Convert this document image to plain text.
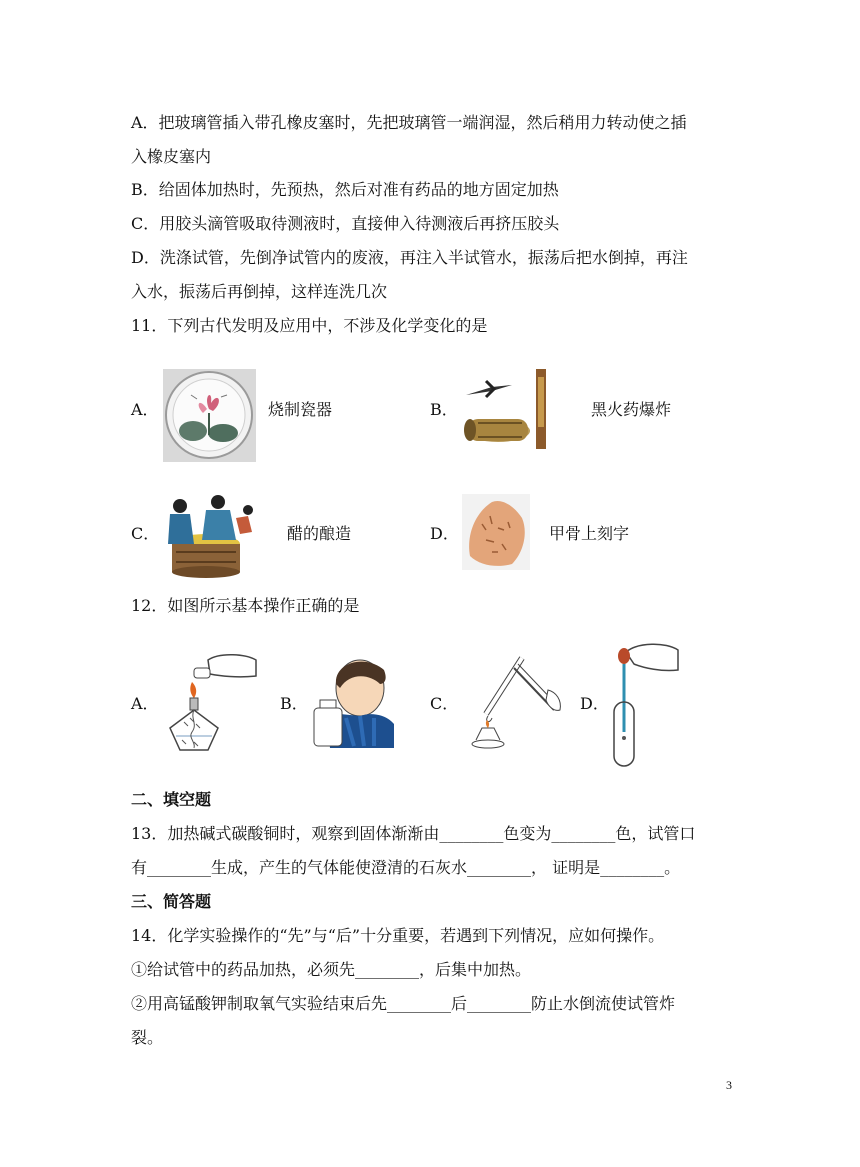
A．把玻璃管插入带孔橡皮塞时，先把玻璃管一端润湿，然后稍用力转动使之插
入橡皮塞内
B．给固体加热时，先预热，然后对准有药品的地方固定加热
C．用胶头滴管吸取待测液时，直接伸入待测液后再挤压胶头
D．洗涤试管，先倒净试管内的废液，再注入半试管水，振荡后把水倒掉，再注
入水，振荡后再倒掉，这样连洗几次
11．下列古代发明及应用中，不涉及化学变化的是
A．	烧制瓷器	B．	黑火药爆炸
C．	醋的酿造	D．	甲骨上刻字
12．如图所示基本操作正确的是
A．	B．	C．	D．
二、填空题
13．加热碱式碳酸铜时，观察到固体渐渐由________色变为________色，试管口
有________生成，产生的气体能使澄清的石灰水________， 证明是________。
三、简答题
14．化学实验操作的“先”与“后”十分重要，若遇到下列情况，应如何操作。
①给试管中的药品加热，必须先________，后集中加热。
②用高锰酸钾制取氧气实验结束后先________后________防止水倒流使试管炸
裂。
3
